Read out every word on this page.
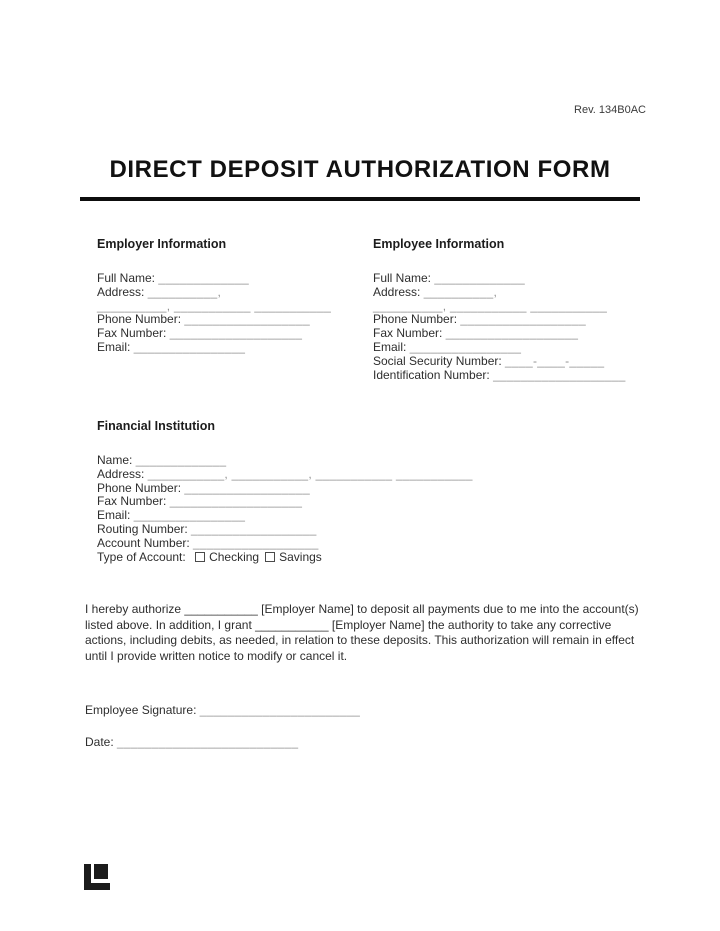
Rev. 134B0AC
DIRECT DEPOSIT AUTHORIZATION FORM
Employer Information
Full Name: _____________
Address: __________,
__________, ___________ ___________
Phone Number: __________________
Fax Number: ___________________
Email: ________________
Employee Information
Full Name: _____________
Address: __________,
__________, ___________ ___________
Phone Number: __________________
Fax Number: ___________________
Email: ________________
Social Security Number: ____-____-_____
Identification Number: ___________________
Financial Institution
Name: _____________
Address: ___________, ___________, ___________ ___________
Phone Number: __________________
Fax Number: ___________________
Email: ________________
Routing Number: __________________
Account Number: __________________
Type of Account: Checking Savings
I hereby authorize ___________ [Employer Name] to deposit all payments due to me into the account(s) listed above. In addition, I grant ___________ [Employer Name] the authority to take any corrective actions, including debits, as needed, in relation to these deposits. This authorization will remain in effect until I provide written notice to modify or cancel it.
Employee Signature: _______________________
Date: __________________________
